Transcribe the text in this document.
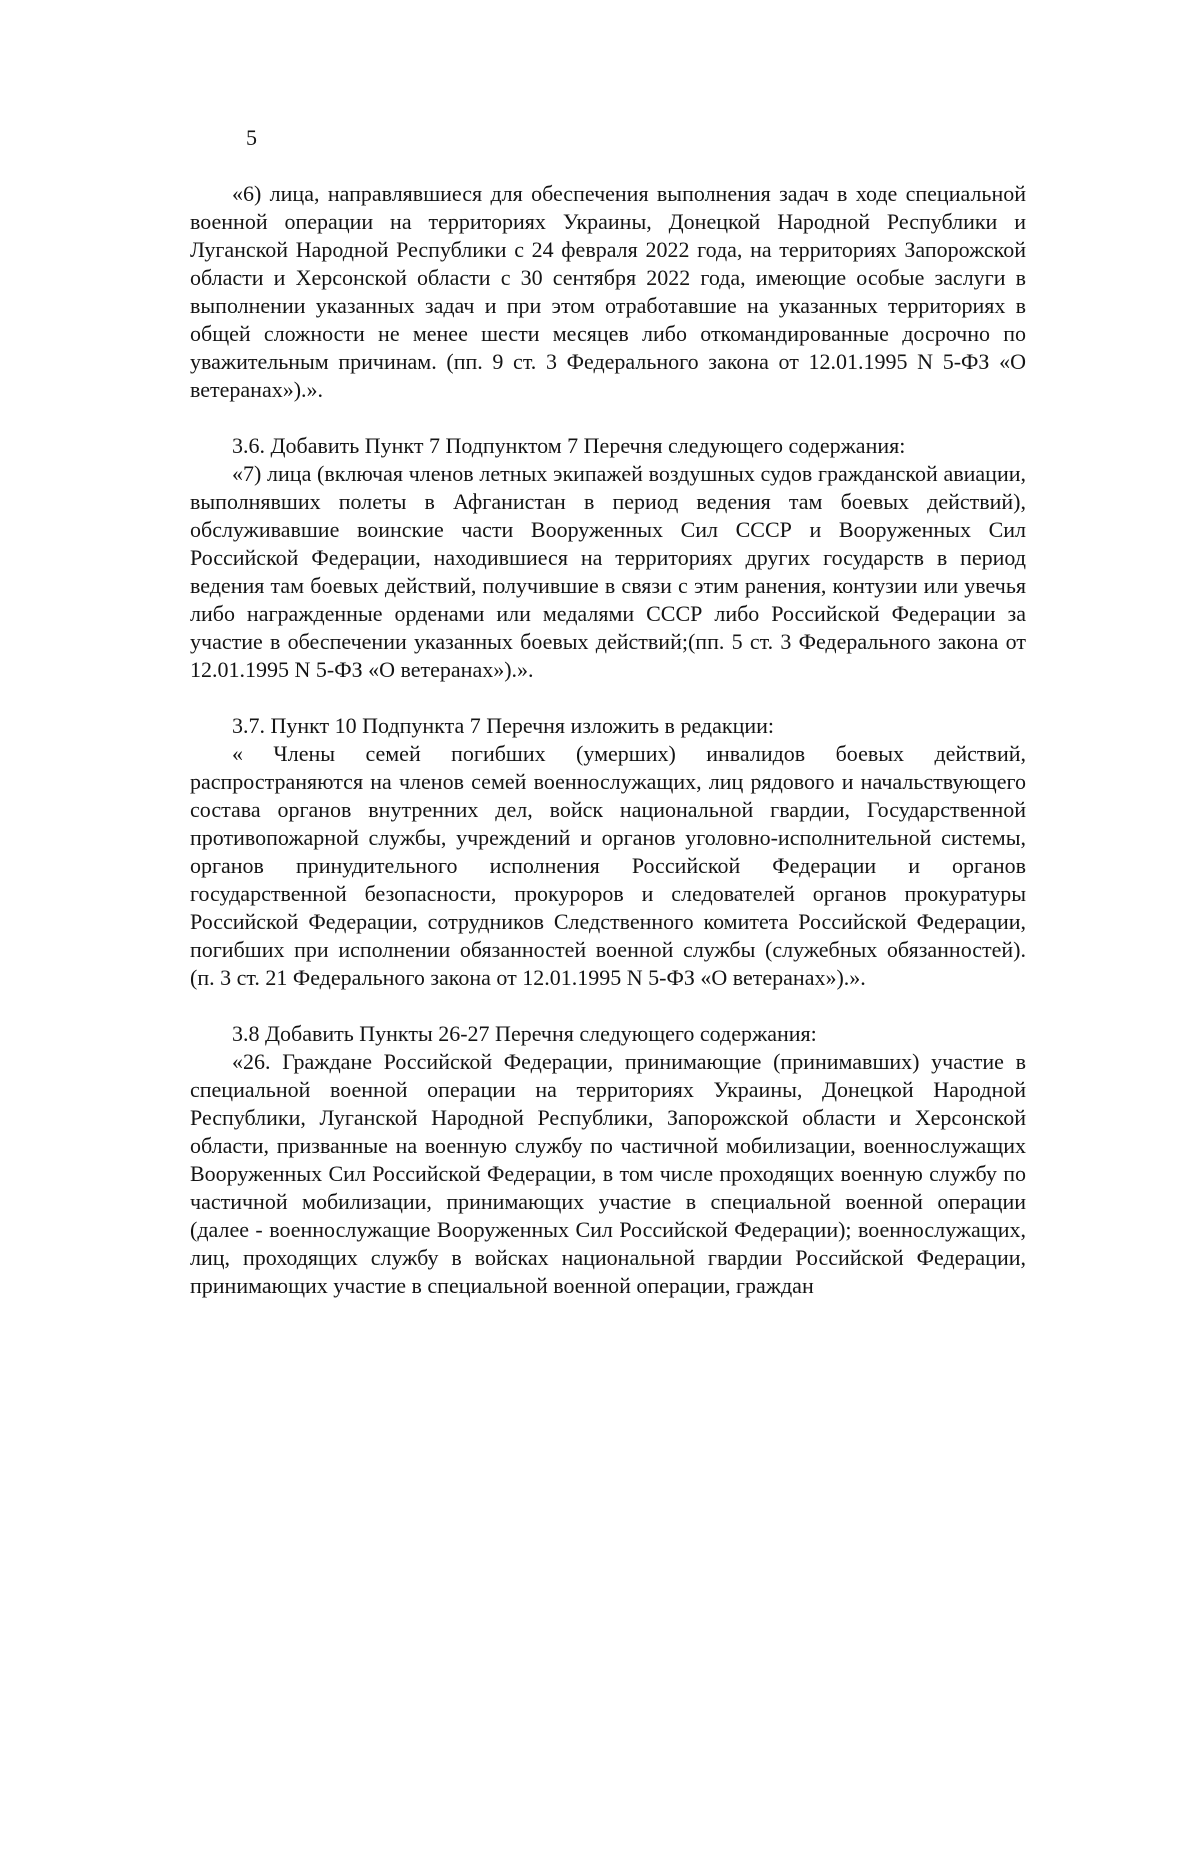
5

«6) лица, направлявшиеся для обеспечения выполнения задач в ходе специальной военной операции на территориях Украины, Донецкой Народной Республики и Луганской Народной Республики с 24 февраля 2022 года, на территориях Запорожской области и Херсонской области с 30 сентября 2022 года, имеющие особые заслуги в выполнении указанных задач и при этом отработавшие на указанных территориях в общей сложности не менее шести месяцев либо откомандированные досрочно по уважительным причинам. (пп. 9 ст. 3 Федерального закона от 12.01.1995 N 5-ФЗ «О ветеранах»).».

3.6. Добавить Пункт 7 Подпунктом 7 Перечня следующего содержания:

«7) лица (включая членов летных экипажей воздушных судов гражданской авиации, выполнявших полеты в Афганистан в период ведения там боевых действий), обслуживавшие воинские части Вооруженных Сил СССР и Вооруженных Сил Российской Федерации, находившиеся на территориях других государств в период ведения там боевых действий, получившие в связи с этим ранения, контузии или увечья либо награжденные орденами или медалями СССР либо Российской Федерации за участие в обеспечении указанных боевых действий;(пп. 5 ст. 3 Федерального закона от 12.01.1995 N 5-ФЗ «О ветеранах»).».

3.7. Пункт 10 Подпункта 7 Перечня изложить в редакции:

« Члены семей погибших (умерших) инвалидов боевых действий, распространяются на членов семей военнослужащих, лиц рядового и начальствующего состава органов внутренних дел, войск национальной гвардии, Государственной противопожарной службы, учреждений и органов уголовно-исполнительной системы, органов принудительного исполнения Российской Федерации и органов государственной безопасности, прокуроров и следователей органов прокуратуры Российской Федерации, сотрудников Следственного комитета Российской Федерации, погибших при исполнении обязанностей военной службы (служебных обязанностей). (п. 3 ст. 21 Федерального закона от 12.01.1995 N 5-ФЗ «О ветеранах»).».

3.8 Добавить Пункты 26-27 Перечня следующего содержания:

«26. Граждане Российской Федерации, принимающие (принимавших) участие в специальной военной операции на территориях Украины, Донецкой Народной Республики, Луганской Народной Республики, Запорожской области и Херсонской области, призванные на военную службу по частичной мобилизации, военнослужащих Вооруженных Сил Российской Федерации, в том числе проходящих военную службу по частичной мобилизации, принимающих участие в специальной военной операции (далее - военнослужащие Вооруженных Сил Российской Федерации); военнослужащих, лиц, проходящих службу в войсках национальной гвардии Российской Федерации, принимающих участие в специальной военной операции, граждан
